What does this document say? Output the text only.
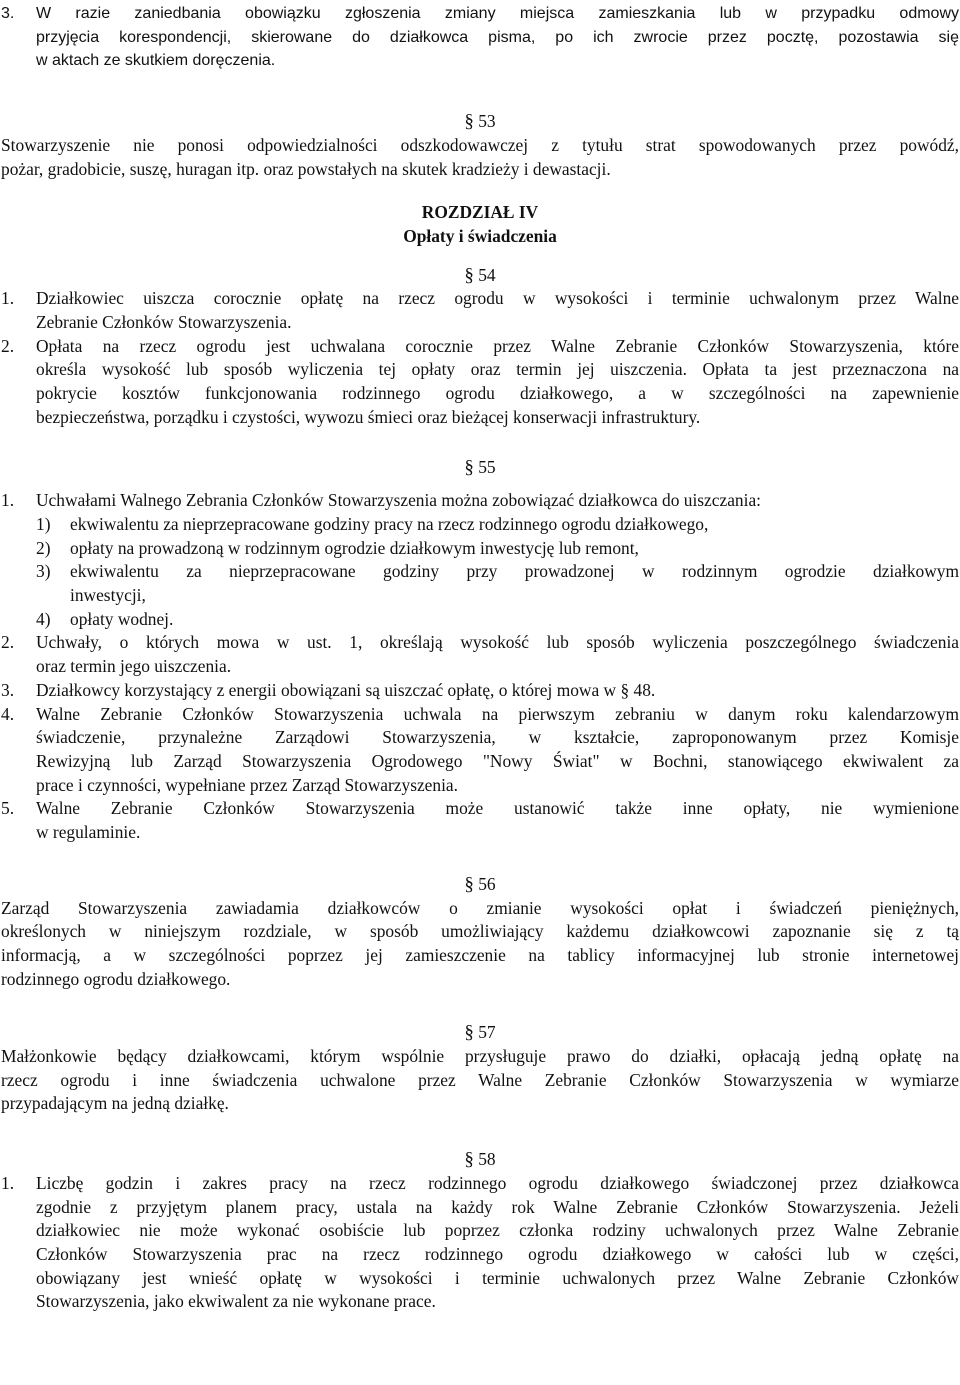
3.	W razie zaniedbania obowiązku zgłoszenia zmiany miejsca zamieszkania lub w przypadku odmowy
przyjęcia korespondencji, skierowane do działkowca pisma, po ich zwrocie przez pocztę, pozostawia się
w aktach ze skutkiem doręczenia.
§ 53
Stowarzyszenie nie ponosi odpowiedzialności odszkodowawczej z tytułu strat spowodowanych przez powódź,
pożar, gradobicie, suszę, huragan itp. oraz powstałych na skutek kradzieży i dewastacji.
ROZDZIAŁ IV
Opłaty i świadczenia
§ 54
1.	Działkowiec uiszcza corocznie opłatę na rzecz ogrodu w wysokości i terminie uchwalonym przez Walne
Zebranie Członków Stowarzyszenia.
2.	Opłata na rzecz ogrodu jest uchwalana corocznie przez Walne Zebranie Członków Stowarzyszenia, które
określa wysokość lub sposób wyliczenia tej opłaty oraz termin jej uiszczenia. Opłata ta jest przeznaczona na
pokrycie kosztów funkcjonowania rodzinnego ogrodu działkowego, a w szczególności na zapewnienie
bezpieczeństwa, porządku i czystości, wywozu śmieci oraz bieżącej konserwacji infrastruktury.
§ 55
1.	Uchwałami Walnego Zebrania Członków Stowarzyszenia można zobowiązać działkowca do uiszczania:
1)	ekwiwalentu za nieprzepracowane godziny pracy na rzecz rodzinnego ogrodu działkowego,
2)	opłaty na prowadzoną w rodzinnym ogrodzie działkowym inwestycję lub remont,
3)	ekwiwalentu za nieprzepracowane godziny przy prowadzonej w rodzinnym ogrodzie działkowym
inwestycji,
4)	opłaty wodnej.
2.	Uchwały, o których mowa w ust. 1, określają wysokość lub sposób wyliczenia poszczególnego świadczenia
oraz termin jego uiszczenia.
3.	Działkowcy korzystający z energii obowiązani są uiszczać opłatę, o której mowa w § 48.
4.	Walne Zebranie Członków Stowarzyszenia uchwala na pierwszym zebraniu w danym roku kalendarzowym
świadczenie, przynależne Zarządowi Stowarzyszenia, w kształcie, zaproponowanym przez Komisje
Rewizyjną lub Zarząd Stowarzyszenia Ogrodowego "Nowy Świat" w Bochni, stanowiącego ekwiwalent za
prace i czynności, wypełniane przez Zarząd Stowarzyszenia.
5.	Walne Zebranie Członków Stowarzyszenia może ustanowić także inne opłaty, nie wymienione
w regulaminie.
§ 56
Zarząd Stowarzyszenia zawiadamia działkowców o zmianie wysokości opłat i świadczeń pieniężnych,
określonych w niniejszym rozdziale, w sposób umożliwiający każdemu działkowcowi zapoznanie się z tą
informacją, a w szczególności poprzez jej zamieszczenie na tablicy informacyjnej lub stronie internetowej
rodzinnego ogrodu działkowego.
§ 57
Małżonkowie będący działkowcami, którym wspólnie przysługuje prawo do działki, opłacają jedną opłatę na
rzecz ogrodu i inne świadczenia uchwalone przez Walne Zebranie Członków Stowarzyszenia w wymiarze
przypadającym na jedną działkę.
§ 58
1.	Liczbę godzin i zakres pracy na rzecz rodzinnego ogrodu działkowego świadczonej przez działkowca
zgodnie z przyjętym planem pracy, ustala na każdy rok Walne Zebranie Członków Stowarzyszenia. Jeżeli
działkowiec nie może wykonać osobiście lub poprzez członka rodziny uchwalonych przez Walne Zebranie
Członków Stowarzyszenia prac na rzecz rodzinnego ogrodu działkowego w całości lub w części,
obowiązany jest wnieść opłatę w wysokości i terminie uchwalonych przez Walne Zebranie Członków
Stowarzyszenia, jako ekwiwalent za nie wykonane prace.
